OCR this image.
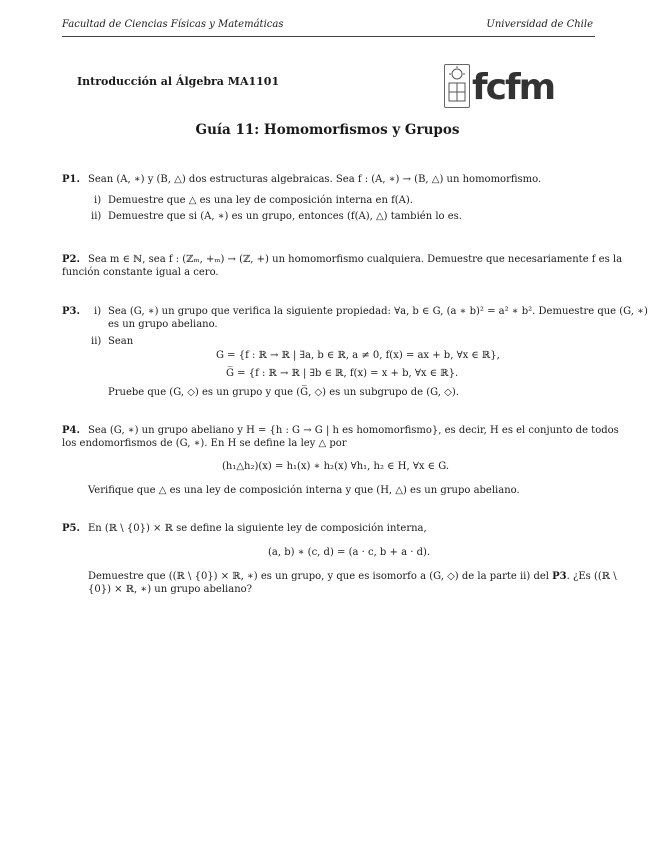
Facultad de Ciencias Físicas y Matemáticas	Universidad de Chile
Introducción al Álgebra MA1101	fcfm
Guía 11: Homomorfismos y Grupos
P1. Sean (A, ∗) y (B, △) dos estructuras algebraicas. Sea f : (A, ∗) → (B, △) un homomorfismo.
i) Demuestre que △ es una ley de composición interna en f(A).
ii) Demuestre que si (A, ∗) es un grupo, entonces (f(A), △) también lo es.
P2. Sea m ∈ ℕ, sea f : (ℤₘ, +ₘ) → (ℤ, +) un homomorfismo cualquiera. Demuestre que necesariamente f es la
función constante igual a cero.
P3. i) Sea (G, ∗) un grupo que verifica la siguiente propiedad: ∀a, b ∈ G, (a ∗ b)² = a² ∗ b². Demuestre que (G, ∗)
es un grupo abeliano.
ii) Sean
G = {f : ℝ → ℝ | ∃a, b ∈ ℝ, a ≠ 0, f(x) = ax + b, ∀x ∈ ℝ},
G̅ = {f : ℝ → ℝ | ∃b ∈ ℝ, f(x) = x + b, ∀x ∈ ℝ}.
Pruebe que (G, ◇) es un grupo y que (G̅, ◇) es un subgrupo de (G, ◇).
P4. Sea (G, ∗) un grupo abeliano y H = {h : G → G | h es homomorfismo}, es decir, H es el conjunto de todos
los endomorfismos de (G, ∗). En H se define la ley △ por
(h₁△h₂)(x) = h₁(x) ∗ h₂(x) ∀h₁, h₂ ∈ H, ∀x ∈ G.
Verifique que △ es una ley de composición interna y que (H, △) es un grupo abeliano.
P5. En (ℝ \ {0}) × ℝ se define la siguiente ley de composición interna,
(a, b) ∗ (c, d) = (a · c, b + a · d).
Demuestre que ((ℝ \ {0}) × ℝ, ∗) es un grupo, y que es isomorfo a (G, ◇) de la parte ii) del P3. ¿Es ((ℝ \
{0}) × ℝ, ∗) un grupo abeliano?
